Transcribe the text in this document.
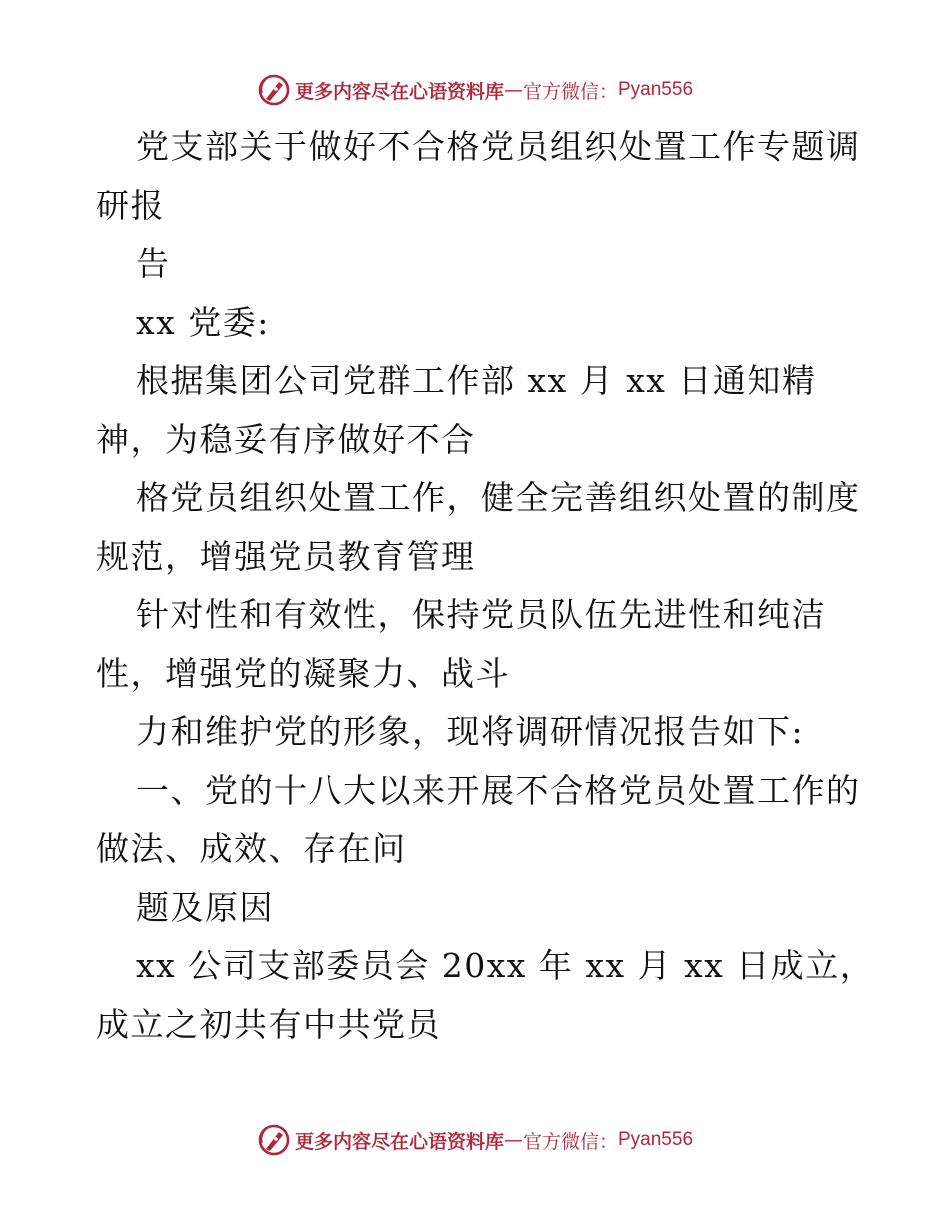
更多内容尽在心语资料库 — 官方微信： Pyan556
党支部关于做好不合格党员组织处置工作专题调
研报
告
xx 党委:
根据集团公司党群工作部 xx 月 xx 日通知精
神，为稳妥有序做好不合
格党员组织处置工作，健全完善组织处置的制度
规范，增强党员教育管理
针对性和有效性，保持党员队伍先进性和纯洁
性，增强党的凝聚力、战斗
力和维护党的形象，现将调研情况报告如下:
一、党的十八大以来开展不合格党员处置工作的
做法、成效、存在问
题及原因
xx 公司支部委员会 20xx 年 xx 月 xx 日成立，
成立之初共有中共党员
更多内容尽在心语资料库 — 官方微信： Pyan556
